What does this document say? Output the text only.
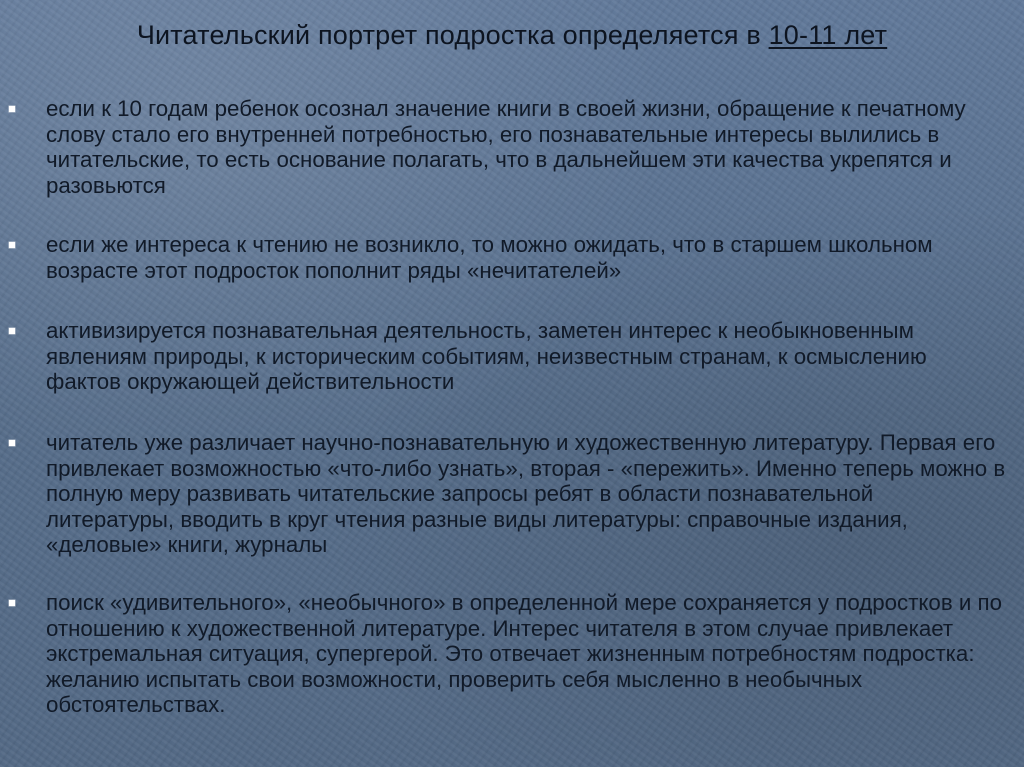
Читательский портрет подростка определяется в 10-11 лет
если к 10 годам ребенок осознал значение книги в своей жизни, обращение к печатному слову стало его внутренней потребностью, его познавательные интересы вылились в читательские, то есть основание полагать, что в дальнейшем эти качества укрепятся и разовьются
если же интереса к чтению не возникло, то можно ожидать, что в старшем школьном возрасте этот подросток пополнит ряды «нечитателей»
активизируется познавательная деятельность, заметен интерес к необыкновенным явлениям природы, к историческим событиям, неизвестным странам, к осмыслению фактов окружающей действительности
читатель уже различает научно-познавательную и художественную литературу. Первая его привлекает возможностью «что-либо узнать», вторая - «пережить». Именно теперь можно в полную меру развивать читательские запросы ребят в области познавательной литературы, вводить в круг чтения разные виды литературы: справочные издания, «деловые» книги, журналы
поиск «удивительного», «необычного» в определенной мере сохраняется у подростков и по отношению к художественной литературе. Интерес читателя в этом случае привлекает экстремальная ситуация, супергерой. Это отвечает жизненным потребностям подростка: желанию испытать свои возможности, проверить себя мысленно в необычных обстоятельствах.
